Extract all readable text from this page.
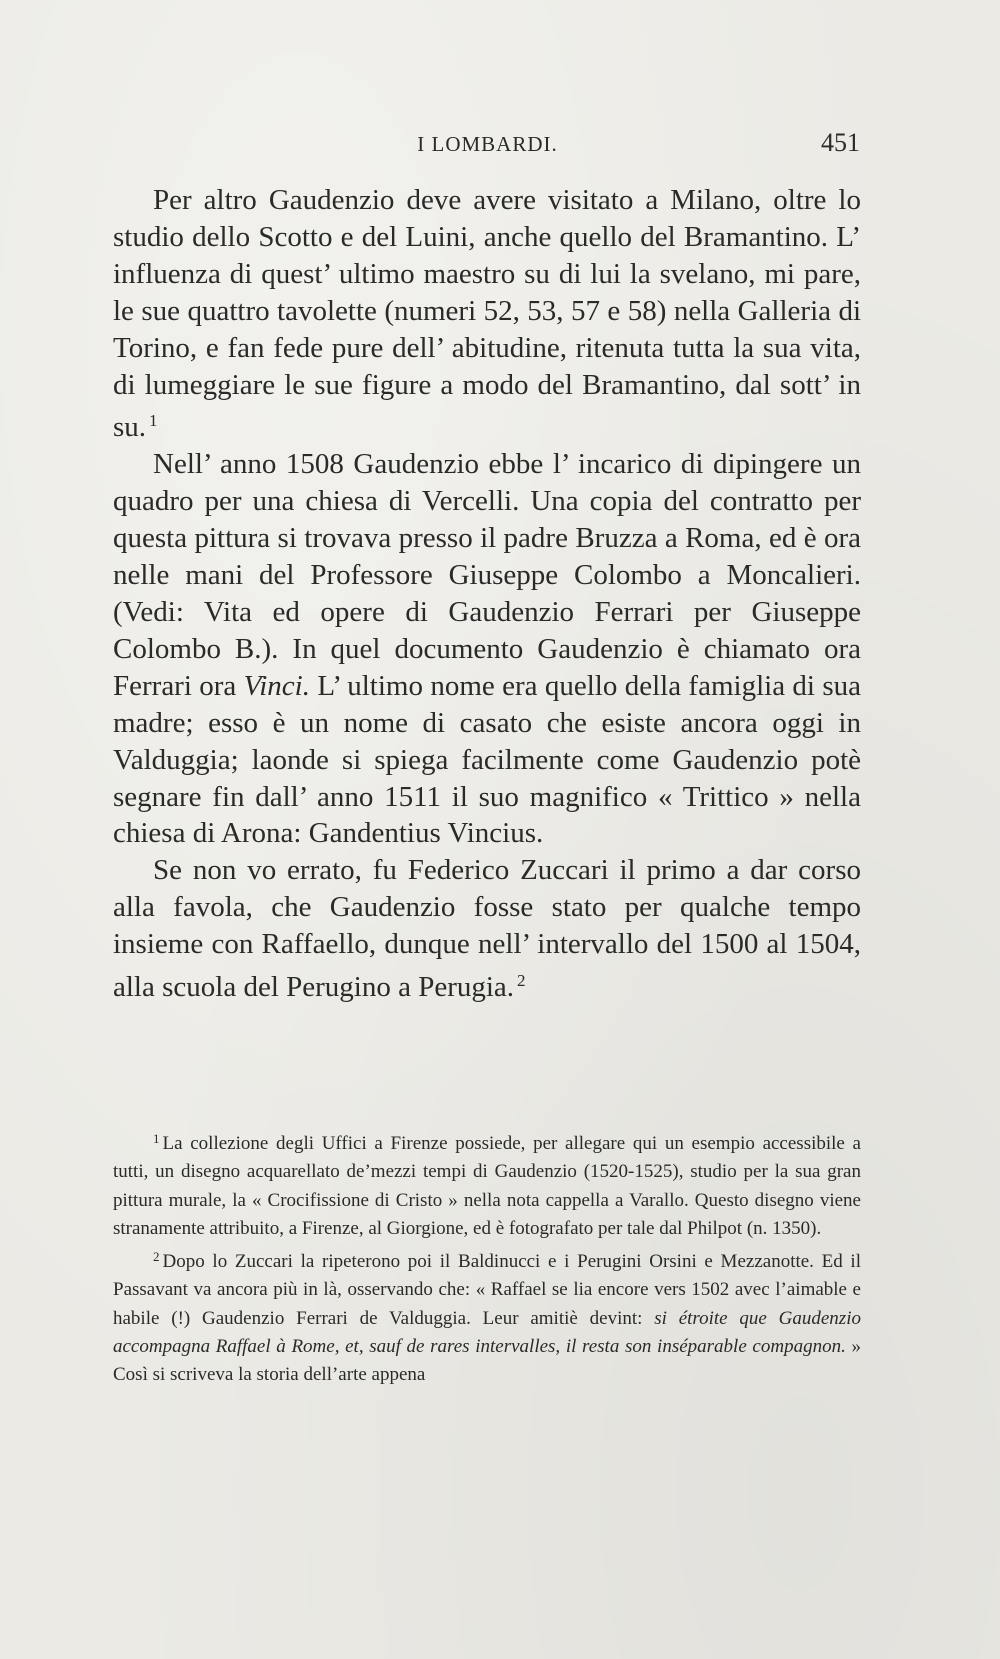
I LOMBARDI.	451

Per altro Gaudenzio deve avere visitato a Milano, oltre lo studio dello Scotto e del Luini, anche quello del Bramantino. L’ influenza di quest’ ultimo maestro su di lui la svelano, mi pare, le sue quattro tavolette (numeri 52, 53, 57 e 58) nella Galleria di Torino, e fan fede pure dell’ abitudine, ritenuta tutta la sua vita, di lumeggiare le sue figure a modo del Bramantino, dal sott’ in su. $^1$

Nell’ anno 1508 Gaudenzio ebbe l’ incarico di dipingere un quadro per una chiesa di Vercelli. Una copia del contratto per questa pittura si trovava presso il padre Bruzza a Roma, ed è ora nelle mani del Professore Giuseppe Colombo a Moncalieri. (Vedi: Vita ed opere di Gaudenzio Ferrari per Giuseppe Colombo B.). In quel documento Gaudenzio è chiamato ora Ferrari ora Vinci. L’ ultimo nome era quello della famiglia di sua madre; esso è un nome di casato che esiste ancora oggi in Valduggia; laonde si spiega facilmente come Gaudenzio potè segnare fin dall’ anno 1511 il suo magnifico « Trittico » nella chiesa di Arona: Gandentius Vincius.

Se non vo errato, fu Federico Zuccari il primo a dar corso alla favola, che Gaudenzio fosse stato per qualche tempo insieme con Raffaello, dunque nell’ intervallo del 1500 al 1504, alla scuola del Perugino a Perugia. $^2$

$^1$ La collezione degli Uffici a Firenze possiede, per allegare qui un esempio accessibile a tutti, un disegno acquarellato de’mezzi tempi di Gaudenzio (1520-1525), studio per la sua gran pittura murale, la « Crocifissione di Cristo » nella nota cappella a Varallo. Questo disegno viene stranamente attribuito, a Firenze, al Giorgione, ed è fotografato per tale dal Philpot (n. 1350).

$^2$ Dopo lo Zuccari la ripeterono poi il Baldinucci e i Perugini Orsini e Mezzanotte. Ed il Passavant va ancora più in là, osservando che: « Raffael se lia encore vers 1502 avec l’aimable e habile (!) Gaudenzio Ferrari de Valduggia. Leur amitiè devint: si étroite que Gaudenzio accompagna Raffael à Rome, et, sauf de rares intervalles, il resta son inséparable compagnon. » Così si scriveva la storia dell’arte appena
